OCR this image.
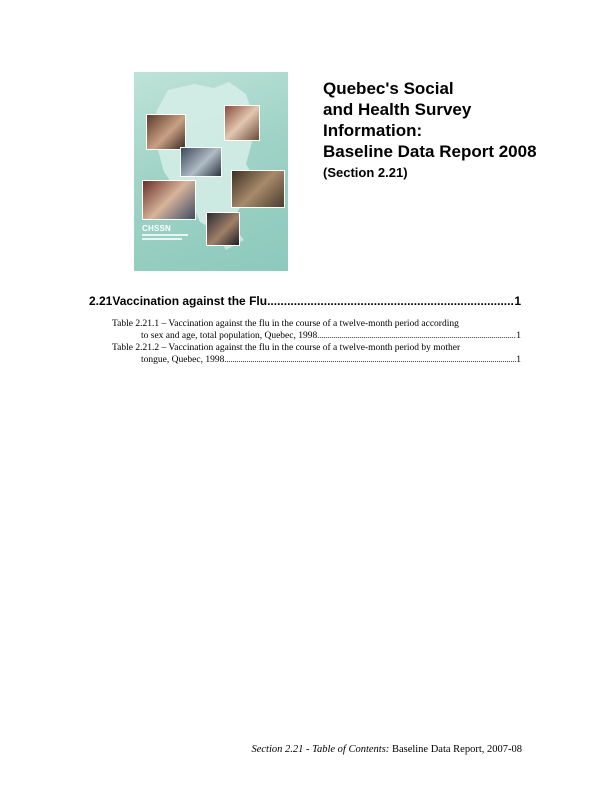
CHSSN
Quebec's Social
and Health Survey
Information:
Baseline Data Report 2008
(Section 2.21)
2.21 Vaccination against the Flu .....	1
Table 2.21.1 – Vaccination against the flu in the course of a twelve-month period according
to sex and age, total population, Quebec, 1998 .....	1
Table 2.21.2 – Vaccination against the flu in the course of a twelve-month period by mother
tongue, Quebec, 1998 .....	1
Section 2.21 - Table of Contents: Baseline Data Report, 2007-08
